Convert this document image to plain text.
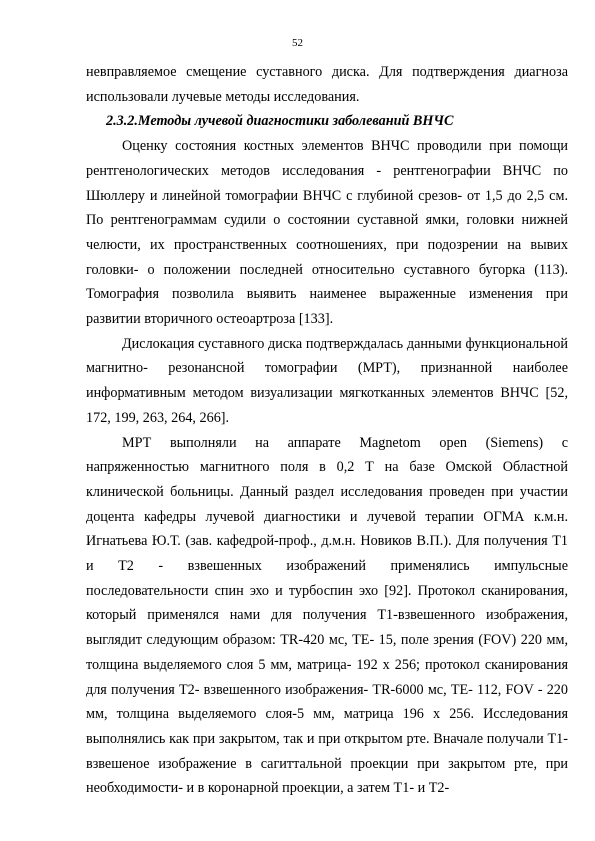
52

невправляемое смещение суставного диска. Для подтверждения диагноза использовали лучевые методы исследования.

2.3.2.Методы лучевой диагностики заболеваний ВНЧС

Оценку состояния костных элементов ВНЧС проводили при помощи рентгенологических методов исследования - рентгенографии ВНЧС по Шюллеру и линейной томографии ВНЧС с глубиной срезов- от 1,5 до 2,5 см. По рентгенограммам судили о состоянии суставной ямки, головки нижней челюсти, их пространственных соотношениях, при подозрении на вывих головки- о положении последней относительно суставного бугорка (113). Томография позволила выявить наименее выраженные изменения при развитии вторичного остеоартроза [133].

Дислокация суставного диска подтверждалась данными функциональной магнитно- резонансной томографии (МРТ), признанной наиболее информативным методом визуализации мягкотканных элементов ВНЧС [52, 172, 199, 263, 264, 266].

МРТ выполняли на аппарате Magnetom open (Siemens) с напряженностью магнитного поля в 0,2 Т на базе Омской Областной клинической больницы. Данный раздел исследования проведен при участии доцента кафедры лучевой диагностики и лучевой терапии ОГМА к.м.н. Игнатьева Ю.Т. (зав. кафедрой-проф., д.м.н. Новиков В.П.). Для получения Т1 и Т2 - взвешенных изображений применялись импульсные последовательности спин эхо и турбоспин эхо [92]. Протокол сканирования, который применялся нами для получения Т1-взвешенного изображения, выглядит следующим образом: TR-420 мс, ТЕ- 15, поле зрения (FOV) 220 мм, толщина выделяемого слоя 5 мм, матрица- 192 х 256; протокол сканирования для получения Т2- взвешенного изображения- TR-6000 мс, ТЕ- 112, FOV - 220 мм, толщина выделяемого слоя-5 мм, матрица 196 х 256. Исследования выполнялись как при закрытом, так и при открытом рте. Вначале получали Т1- взвешеное изображение в сагиттальной проекции при закрытом рте, при необходимости- и в коронарной проекции, а затем Т1- и Т2-
